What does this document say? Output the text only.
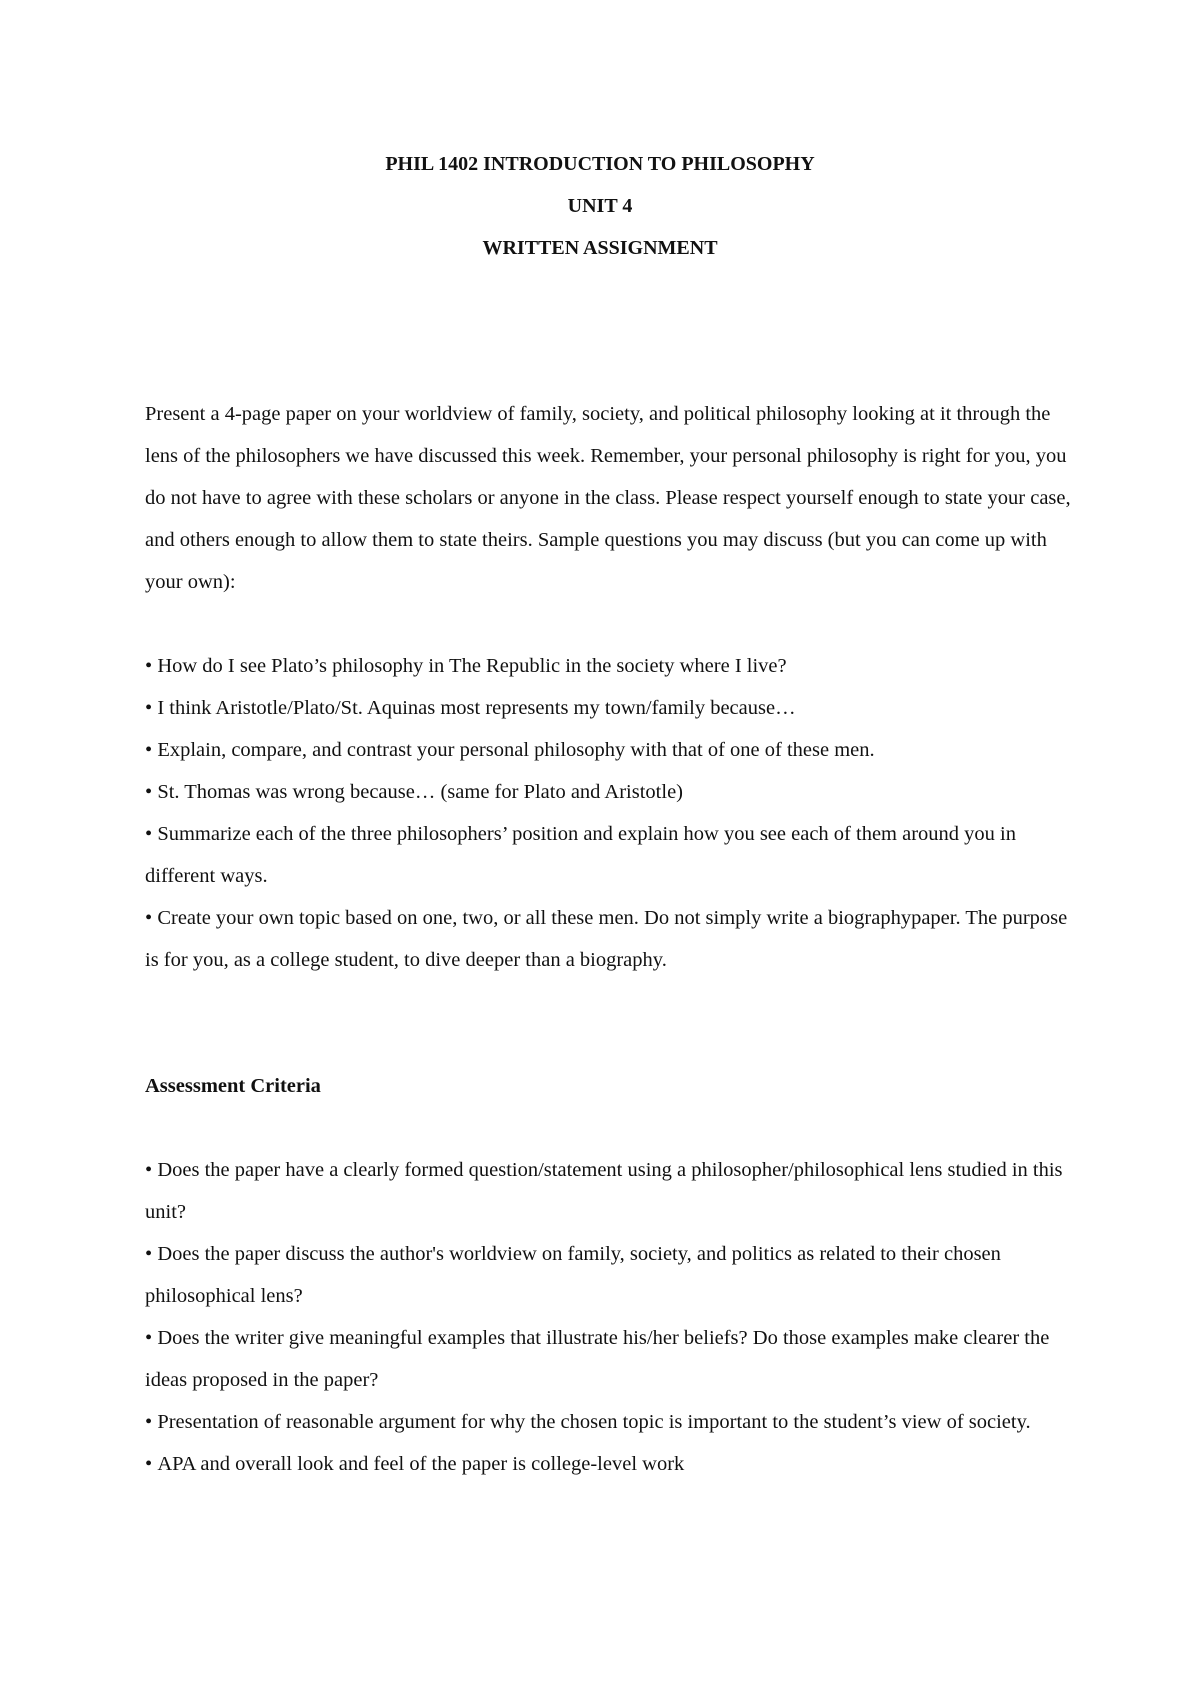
PHIL 1402 INTRODUCTION TO PHILOSOPHY
UNIT 4
WRITTEN ASSIGNMENT

Present a 4-page paper on your worldview of family, society, and political philosophy looking at it through the lens of the philosophers we have discussed this week. Remember, your personal philosophy is right for you, you do not have to agree with these scholars or anyone in the class. Please respect yourself enough to state your case, and others enough to allow them to state theirs. Sample questions you may discuss (but you can come up with your own):

• How do I see Plato’s philosophy in The Republic in the society where I live?

• I think Aristotle/Plato/St. Aquinas most represents my town/family because…

• Explain, compare, and contrast your personal philosophy with that of one of these men.

• St. Thomas was wrong because… (same for Plato and Aristotle)

• Summarize each of the three philosophers’ position and explain how you see each of them around you in different ways.

• Create your own topic based on one, two, or all these men. Do not simply write a biographypaper. The purpose is for you, as a college student, to dive deeper than a biography.

Assessment Criteria

• Does the paper have a clearly formed question/statement using a philosopher/philosophical lens studied in this unit?

• Does the paper discuss the author's worldview on family, society, and politics as related to their chosen philosophical lens?

• Does the writer give meaningful examples that illustrate his/her beliefs? Do those examples make clearer the ideas proposed in the paper?

• Presentation of reasonable argument for why the chosen topic is important to the student’s view of society.

• APA and overall look and feel of the paper is college-level work
